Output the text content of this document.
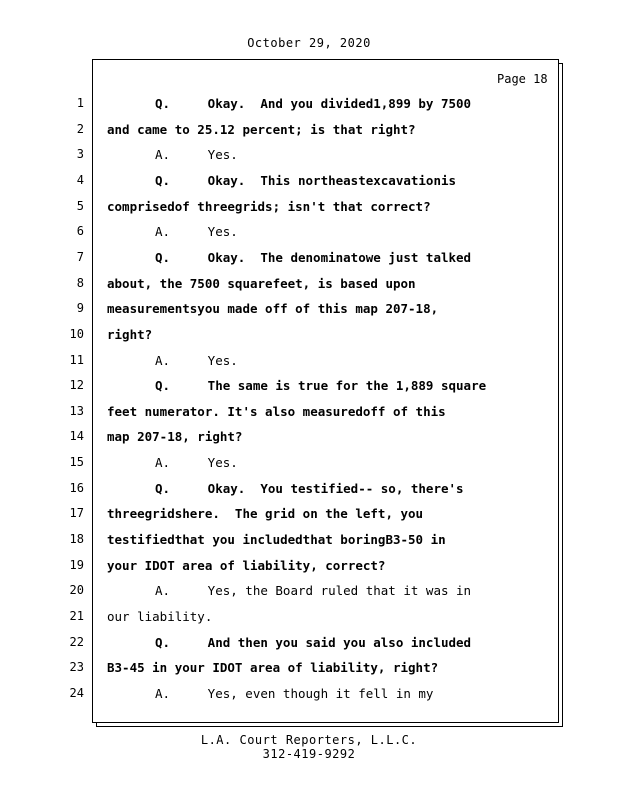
October 29, 2020
Page 18
1	Q.     Okay.  And you divided1,899 by 7500
2 and came to 25.12 percent; is that right?
3	A.     Yes.
4	Q.     Okay.  This northeastexcavationis
5 comprisedof threegrids; isn't that correct?
6	A.     Yes.
7	Q.     Okay.  The denominatowe just talked
8 about, the 7500 squarefeet, is based upon
9 measurementsyou made off of this map 207-18,
10 right?
11	A.     Yes.
12	Q.     The same is true for the 1,889 square
13 feet numerator. It's also measuredoff of this
14 map 207-18, right?
15	A.     Yes.
16	Q.     Okay.  You testified-- so, there's
17 threegridshere.  The grid on the left, you
18 testifiedthat you includedthat boringB3-50 in
19 your IDOT area of liability, correct?
20	A.     Yes, the Board ruled that it was in
21 our liability.
22	Q.     And then you said you also included
23 B3-45 in your IDOT area of liability, right?
24	A.     Yes, even though it fell in my
L.A. Court Reporters, L.L.C.
312-419-9292
